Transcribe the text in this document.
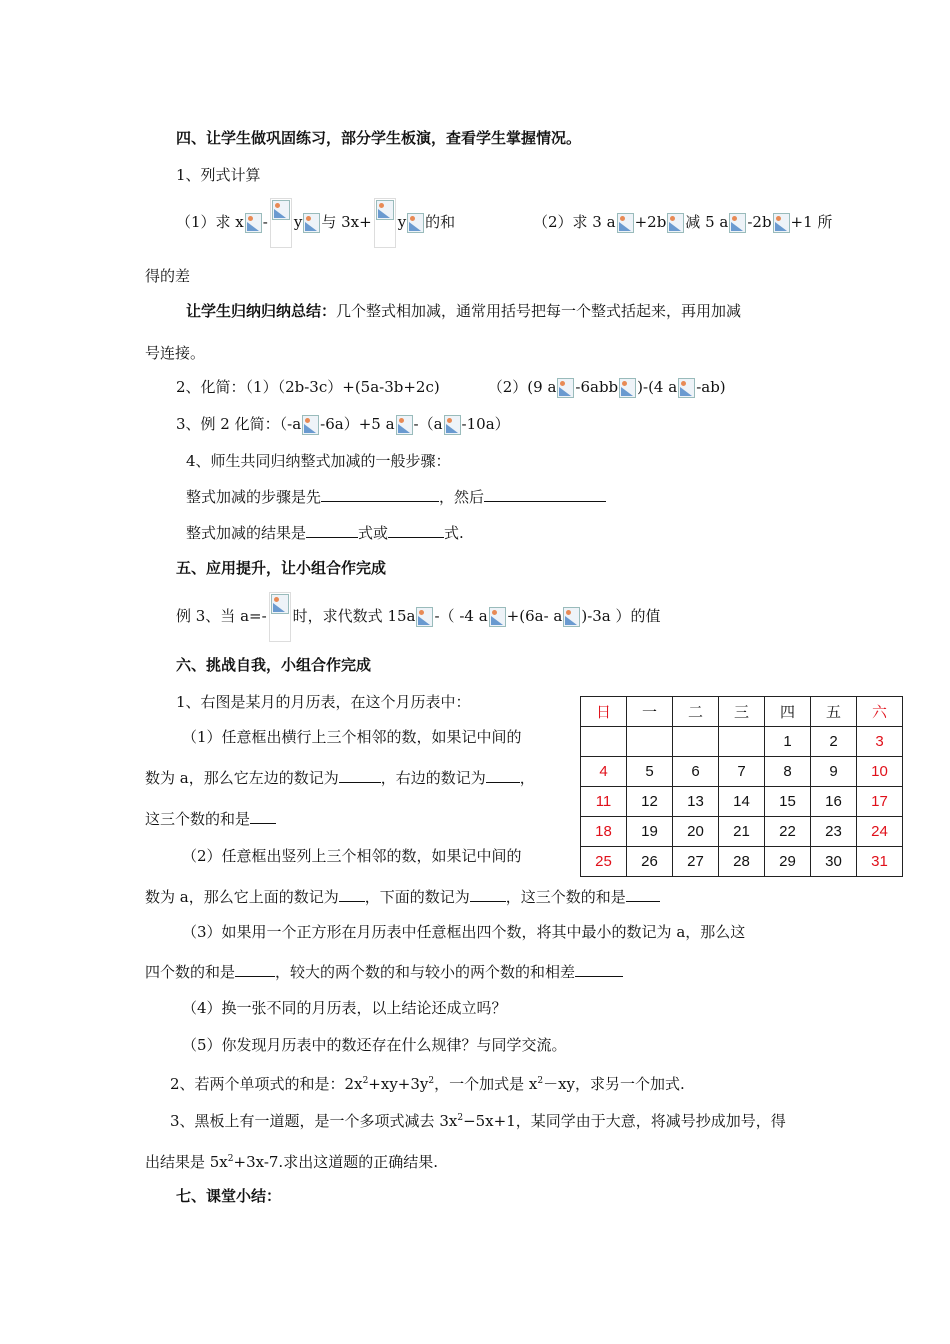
四、让学生做巩固练习，部分学生板演，查看学生掌握情况。
1、列式计算
（1）求 x - y 与 3x+ y 的和	（2）求 3 a +2b 减 5 a -2b +1 所
得的差
让学生归纳归纳总结：几个整式相加减，通常用括号把每一个整式括起来，再用加减
号连接。
2、化简：（1）（2b-3c）+(5a-3b+2c)	（2）(9 a -6abb )-(4 a -ab)
3、例 2 化简：（-a -6a）+5 a -（a -10a）
4、师生共同归纳整式加减的一般步骤：
整式加减的步骤是先	，然后
整式加减的结果是	式或	式.
五、应用提升，让小组合作完成
例 3、当 a=- 时，求代数式 15a -（ -4 a +(6a- a )-3a ）的值
六、挑战自我，小组合作完成
1、右图是某月的月历表，在这个月历表中：
（1）任意框出横行上三个相邻的数，如果记中间的
数为 a，那么它左边的数记为	，右边的数记为 ，
这三个数的和是
（2）任意框出竖列上三个相邻的数，如果记中间的
数为 a，那么它上面的数记为 ，下面的数记为 ，这三个数的和是
（3）如果用一个正方形在月历表中任意框出四个数，将其中最小的数记为 a，那么这
四个数的和是	，较大的两个数的和与较小的两个数的和相差
（4）换一张不同的月历表，以上结论还成立吗？
（5）你发现月历表中的数还存在什么规律？与同学交流。
2、若两个单项式的和是：$2x^2+xy+3y^2$，一个加式是 $x^2-xy$，求另一个加式.
3、黑板上有一道题，是一个多项式减去 $3x^2-5x+1$，某同学由于大意，将减号抄成加号，得
出结果是 $5x^2+3x-7$.求出这道题的正确结果.
七、课堂小结：
日	一	二	三	四	五	六
				1	2	3
4	5	6	7	8	9	10
11	12	13	14	15	16	17
18	19	20	21	22	23	24
25	26	27	28	29	30	31
